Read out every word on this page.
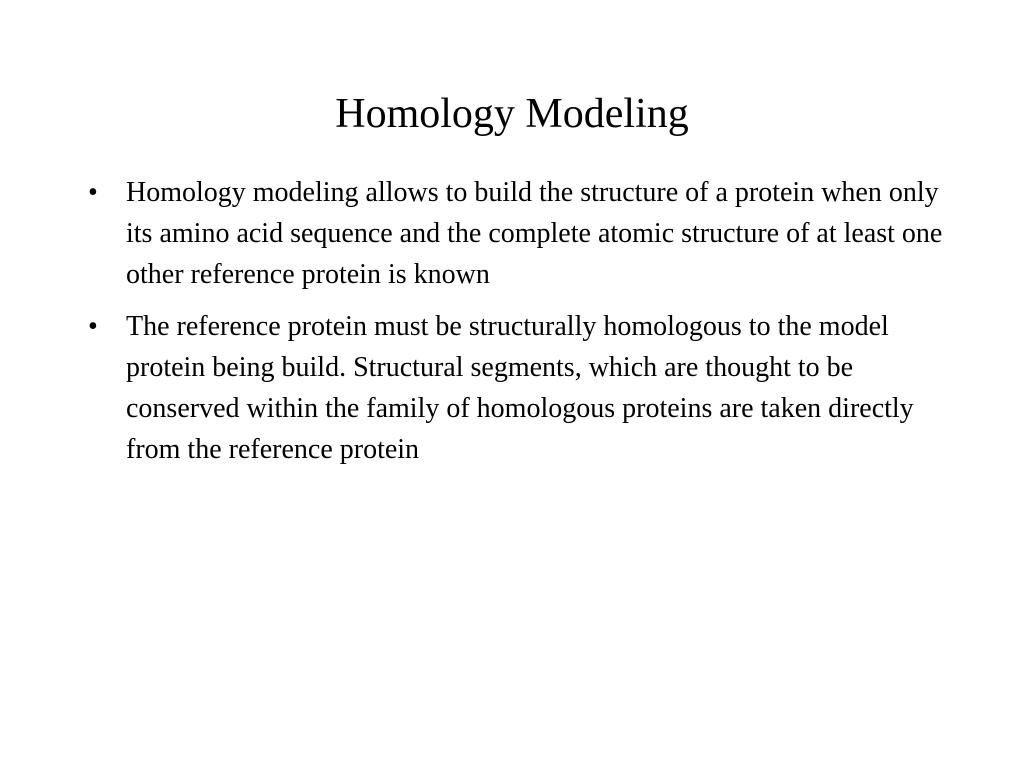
Homology Modeling
•	Homology modeling allows to build the structure of a protein when only its amino acid sequence and the complete atomic structure of at least one other reference protein is known
•	The reference protein must be structurally homologous to the model protein being build. Structural segments, which are thought to be conserved within the family of homologous proteins are taken directly from the reference protein
